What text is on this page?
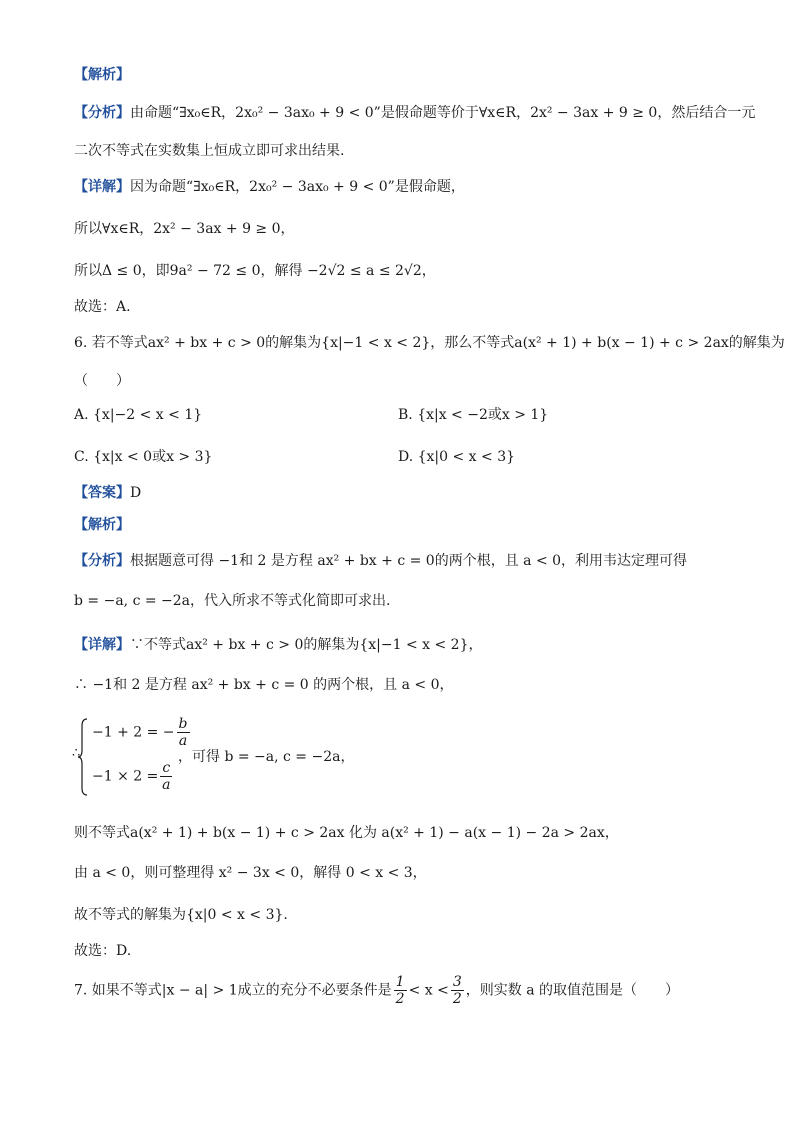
【解析】
【分析】由命题“∃x₀∈R，2x₀² − 3ax₀ + 9 < 0”是假命题等价于∀x∈R，2x² − 3ax + 9 ≥ 0，然后结合一元
二次不等式在实数集上恒成立即可求出结果.
【详解】因为命题“∃x₀∈R，2x₀² − 3ax₀ + 9 < 0”是假命题，
所以∀x∈R，2x² − 3ax + 9 ≥ 0，
所以Δ ≤ 0，即9a² − 72 ≤ 0，解得 −2√2 ≤ a ≤ 2√2，
故选：A.
6. 若不等式ax² + bx + c > 0的解集为{x|−1 < x < 2}，那么不等式a(x² + 1) + b(x − 1) + c > 2ax的解集为
（　　）
A. {x|−2 < x < 1}	B. {x|x < −2或x > 1}
C. {x|x < 0或x > 3}	D. {x|0 < x < 3}
【答案】D
【解析】
【分析】根据题意可得 −1和 2 是方程 ax² + bx + c = 0的两个根，且 a < 0，利用韦达定理可得
b = −a, c = −2a，代入所求不等式化简即可求出.
【详解】∵不等式ax² + bx + c > 0的解集为{x|−1 < x < 2}，
∴ −1和 2 是方程 ax² + bx + c = 0 的两个根，且 a < 0，
∴
−1 + 2 = − $\frac{b}{a}$
$-1 \times 2 = \frac{c}{a}$
，可得 b = −a, c = −2a，
则不等式a(x² + 1) + b(x − 1) + c > 2ax 化为 a(x² + 1) − a(x − 1) − 2a > 2ax，
由 a < 0，则可整理得 x² − 3x < 0，解得 0 < x < 3，
故不等式的解集为{x|0 < x < 3}.
故选：D.
7. 如果不等式|x − a| > 1成立的充分不必要条件是 $\frac{1}{2} < x < \frac{3}{2}$ ，则实数 a 的取值范围是（　　）
